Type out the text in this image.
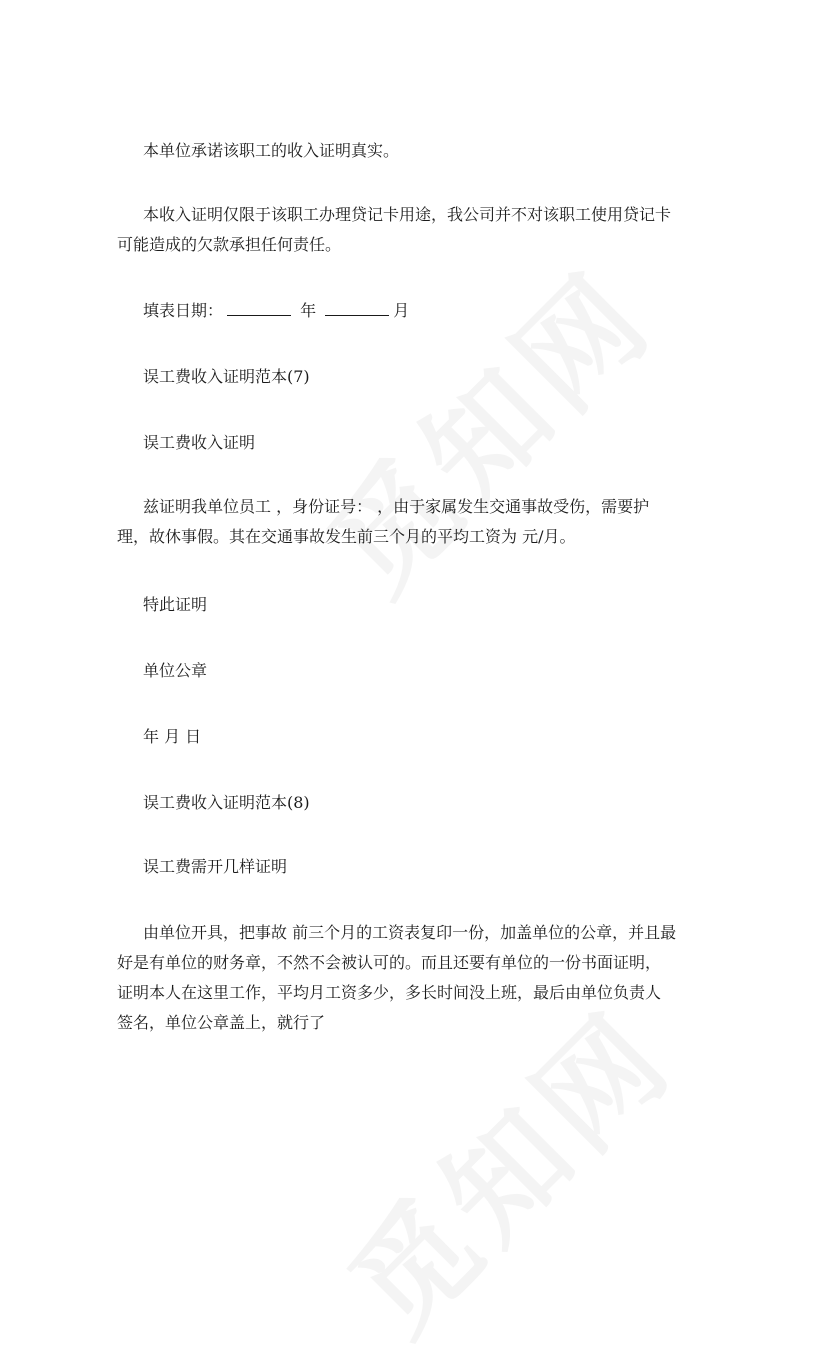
本单位承诺该职工的收入证明真实。

本收入证明仅限于该职工办理贷记卡用途，我公司并不对该职工使用贷记卡
可能造成的欠款承担任何责任。
填表日期：	年	月

误工费收入证明范本(7)

误工费收入证明

兹证明我单位员工 ，身份证号： ，由于家属发生交通事故受伤，需要护
理，故休事假。其在交通事故发生前三个月的平均工资为 元/月。

特此证明

单位公章

年 月 日

误工费收入证明范本(8)

误工费需开几样证明

由单位开具，把事故 前三个月的工资表复印一份，加盖单位的公章，并且最
好是有单位的财务章，不然不会被认可的。而且还要有单位的一份书面证明，
证明本人在这里工作，平均月工资多少，多长时间没上班，最后由单位负责人
签名，单位公章盖上，就行了
